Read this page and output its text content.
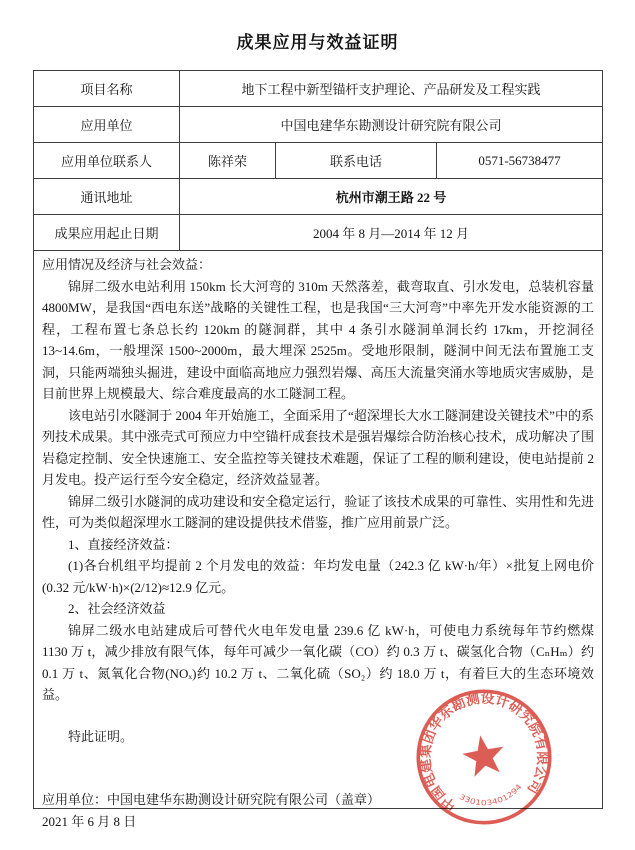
成果应用与效益证明
项目名称	地下工程中新型锚杆支护理论、产品研发及工程实践
应用单位	中国电建华东勘测设计研究院有限公司
应用单位联系人	陈祥荣	联系电话	0571-56738477
通讯地址	杭州市潮王路 22 号
成果应用起止日期	2004 年 8 月—2014 年 12 月

应用情况及经济与社会效益：

锦屏二级水电站利用 150km 长大河弯的 310m 天然落差，截弯取直、引水发电，总装机容量 4800MW，是我国“西电东送”战略的关键性工程，也是我国“三大河弯”中率先开发水能资源的工程，工程布置七条总长约 120km 的隧洞群，其中 4 条引水隧洞单洞长约 17km，开挖洞径 13~14.6m，一般埋深 1500~2000m，最大埋深 2525m。受地形限制，隧洞中间无法布置施工支洞，只能两端独头掘进，建设中面临高地应力强烈岩爆、高压大流量突涌水等地质灾害威胁，是目前世界上规模最大、综合难度最高的水工隧洞工程。

该电站引水隧洞于 2004 年开始施工，全面采用了“超深埋长大水工隧洞建设关键技术”中的系列技术成果。其中涨壳式可预应力中空锚杆成套技术是强岩爆综合防治核心技术，成功解决了围岩稳定控制、安全快速施工、安全监控等关键技术难题，保证了工程的顺利建设，使电站提前 2 月发电。投产运行至今安全稳定，经济效益显著。

锦屏二级引水隧洞的成功建设和安全稳定运行，验证了该技术成果的可靠性、实用性和先进性，可为类似超深埋水工隧洞的建设提供技术借鉴，推广应用前景广泛。

1、直接经济效益：

(1)各台机组平均提前 2 个月发电的效益：年均发电量（242.3 亿 kW·h/年）×批复上网电价(0.32 元/kW·h)×(2/12)≈12.9 亿元。

2、社会经济效益

锦屏二级水电站建成后可替代火电年发电量 239.6 亿 kW·h，可使电力系统每年节约燃煤 1130 万 t，减少排放有限气体，每年可减少一氧化碳（CO）约 0.3 万 t、碳氢化合物（CₙHₘ）约 0.1 万 t、氮氧化合物(NOₓ)约 10.2 万 t、二氧化硫（SO₂）约 18.0 万 t，有着巨大的生态环境效益。

特此证明。

应用单位：中国电建华东勘测设计研究院有限公司（盖章）

2021 年 6 月 8 日

中国电建集团华东勘测设计研究院有限公司
330103401294
